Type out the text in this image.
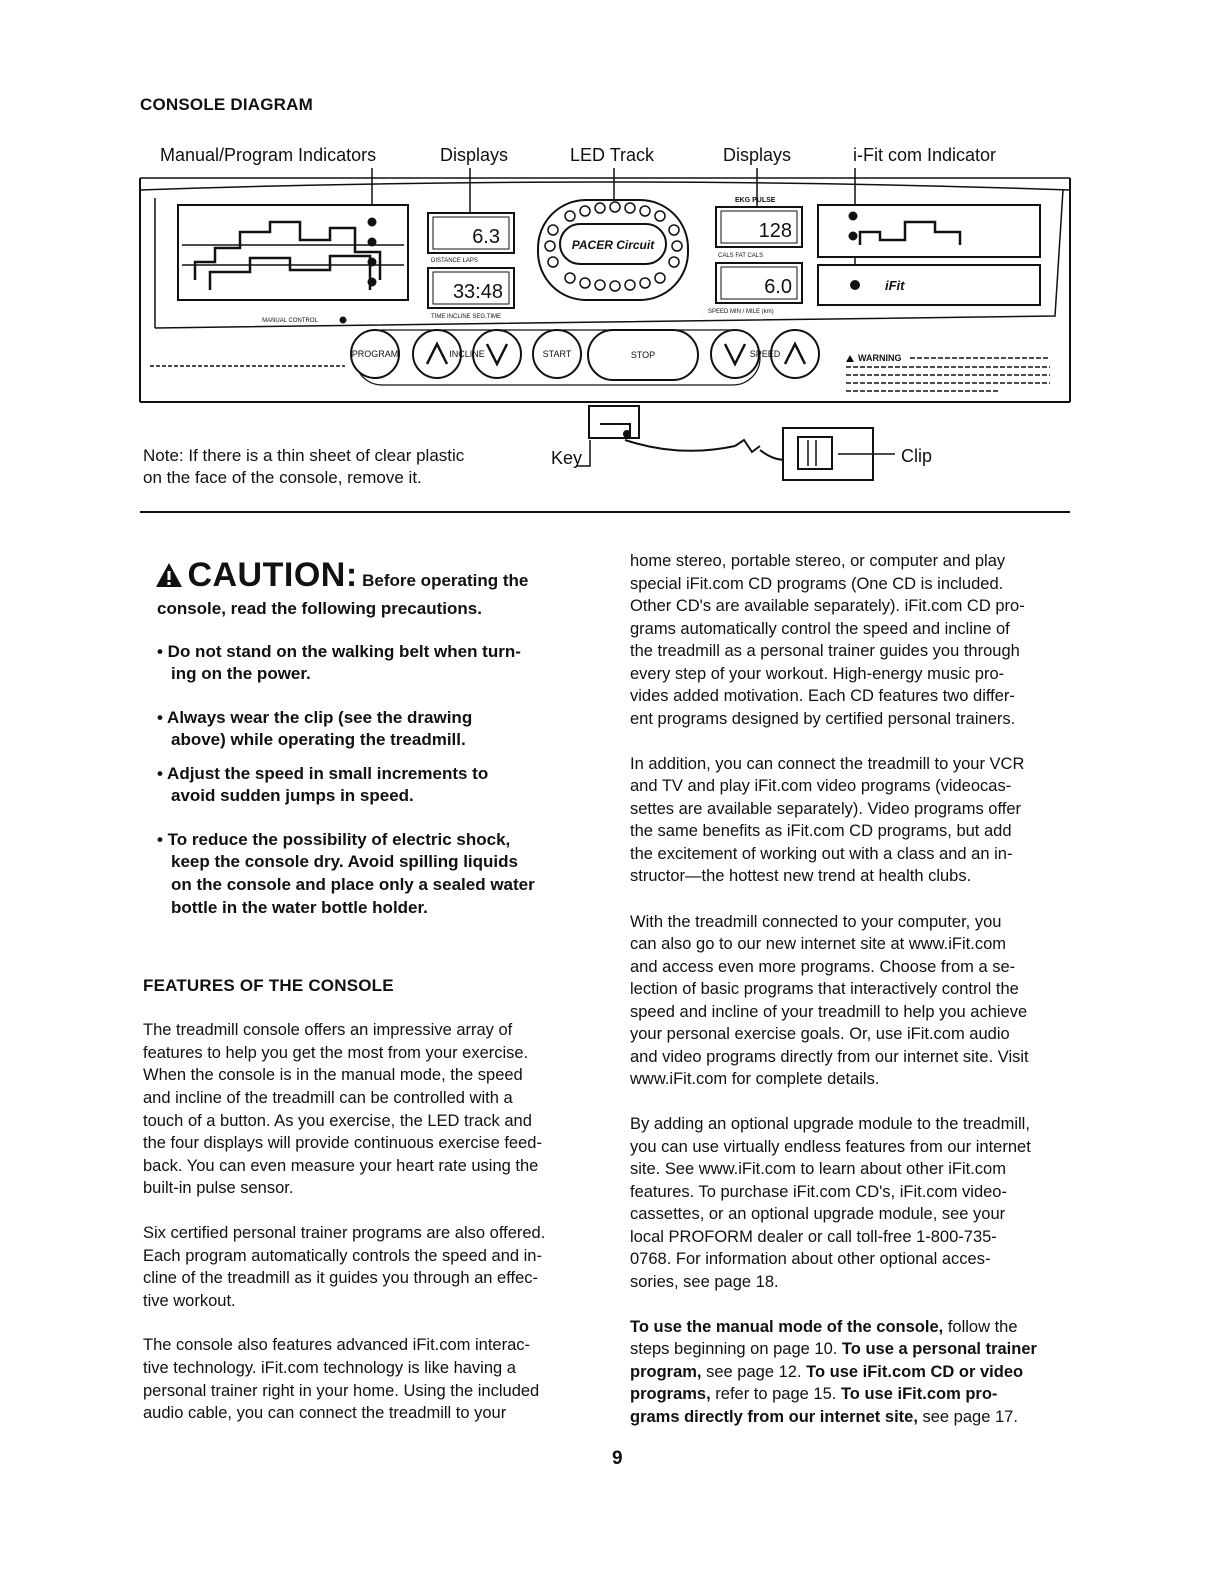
CONSOLE DIAGRAM
Manual/Program Indicators	Displays	LED Track	Displays	i-Fit com Indicator
MANUAL CONTROL
6.3
DISTANCE LAPS
33:48
TIME INCLINE SEG.TIME
PACER Circuit
EKG PULSE
128
CALS FAT CALS
6.0
SPEED MIN / MILE (km)
iFit
PROGRAM	INCLINE	START	STOP	SPEED	WARNING
Key	Clip
Note: If there is a thin sheet of clear plastic
on the face of the console, remove it.
CAUTION: Before operating the
console, read the following precautions.
• Do not stand on the walking belt when turn-
ing on the power.
• Always wear the clip (see the drawing
above) while operating the treadmill.
• Adjust the speed in small increments to
avoid sudden jumps in speed.
• To reduce the possibility of electric shock,
keep the console dry. Avoid spilling liquids
on the console and place only a sealed water
bottle in the water bottle holder.
FEATURES OF THE CONSOLE
The treadmill console offers an impressive array of
features to help you get the most from your exercise.
When the console is in the manual mode, the speed
and incline of the treadmill can be controlled with a
touch of a button. As you exercise, the LED track and
the four displays will provide continuous exercise feed-
back. You can even measure your heart rate using the
built-in pulse sensor.
Six certified personal trainer programs are also offered.
Each program automatically controls the speed and in-
cline of the treadmill as it guides you through an effec-
tive workout.
The console also features advanced iFit.com interac-
tive technology. iFit.com technology is like having a
personal trainer right in your home. Using the included
audio cable, you can connect the treadmill to your
home stereo, portable stereo, or computer and play
special iFit.com CD programs (One CD is included.
Other CD's are available separately). iFit.com CD pro-
grams automatically control the speed and incline of
the treadmill as a personal trainer guides you through
every step of your workout. High-energy music pro-
vides added motivation. Each CD features two differ-
ent programs designed by certified personal trainers.
In addition, you can connect the treadmill to your VCR
and TV and play iFit.com video programs (videocas-
settes are available separately). Video programs offer
the same benefits as iFit.com CD programs, but add
the excitement of working out with a class and an in-
structor—the hottest new trend at health clubs.
With the treadmill connected to your computer, you
can also go to our new internet site at www.iFit.com
and access even more programs. Choose from a se-
lection of basic programs that interactively control the
speed and incline of your treadmill to help you achieve
your personal exercise goals. Or, use iFit.com audio
and video programs directly from our internet site. Visit
www.iFit.com for complete details.
By adding an optional upgrade module to the treadmill,
you can use virtually endless features from our internet
site. See www.iFit.com to learn about other iFit.com
features. To purchase iFit.com CD's, iFit.com video-
cassettes, or an optional upgrade module, see your
local PROFORM dealer or call toll-free 1-800-735-
0768. For information about other optional acces-
sories, see page 18.
To use the manual mode of the console, follow the
steps beginning on page 10. To use a personal trainer
program, see page 12. To use iFit.com CD or video
programs, refer to page 15. To use iFit.com pro-
grams directly from our internet site, see page 17.
9
